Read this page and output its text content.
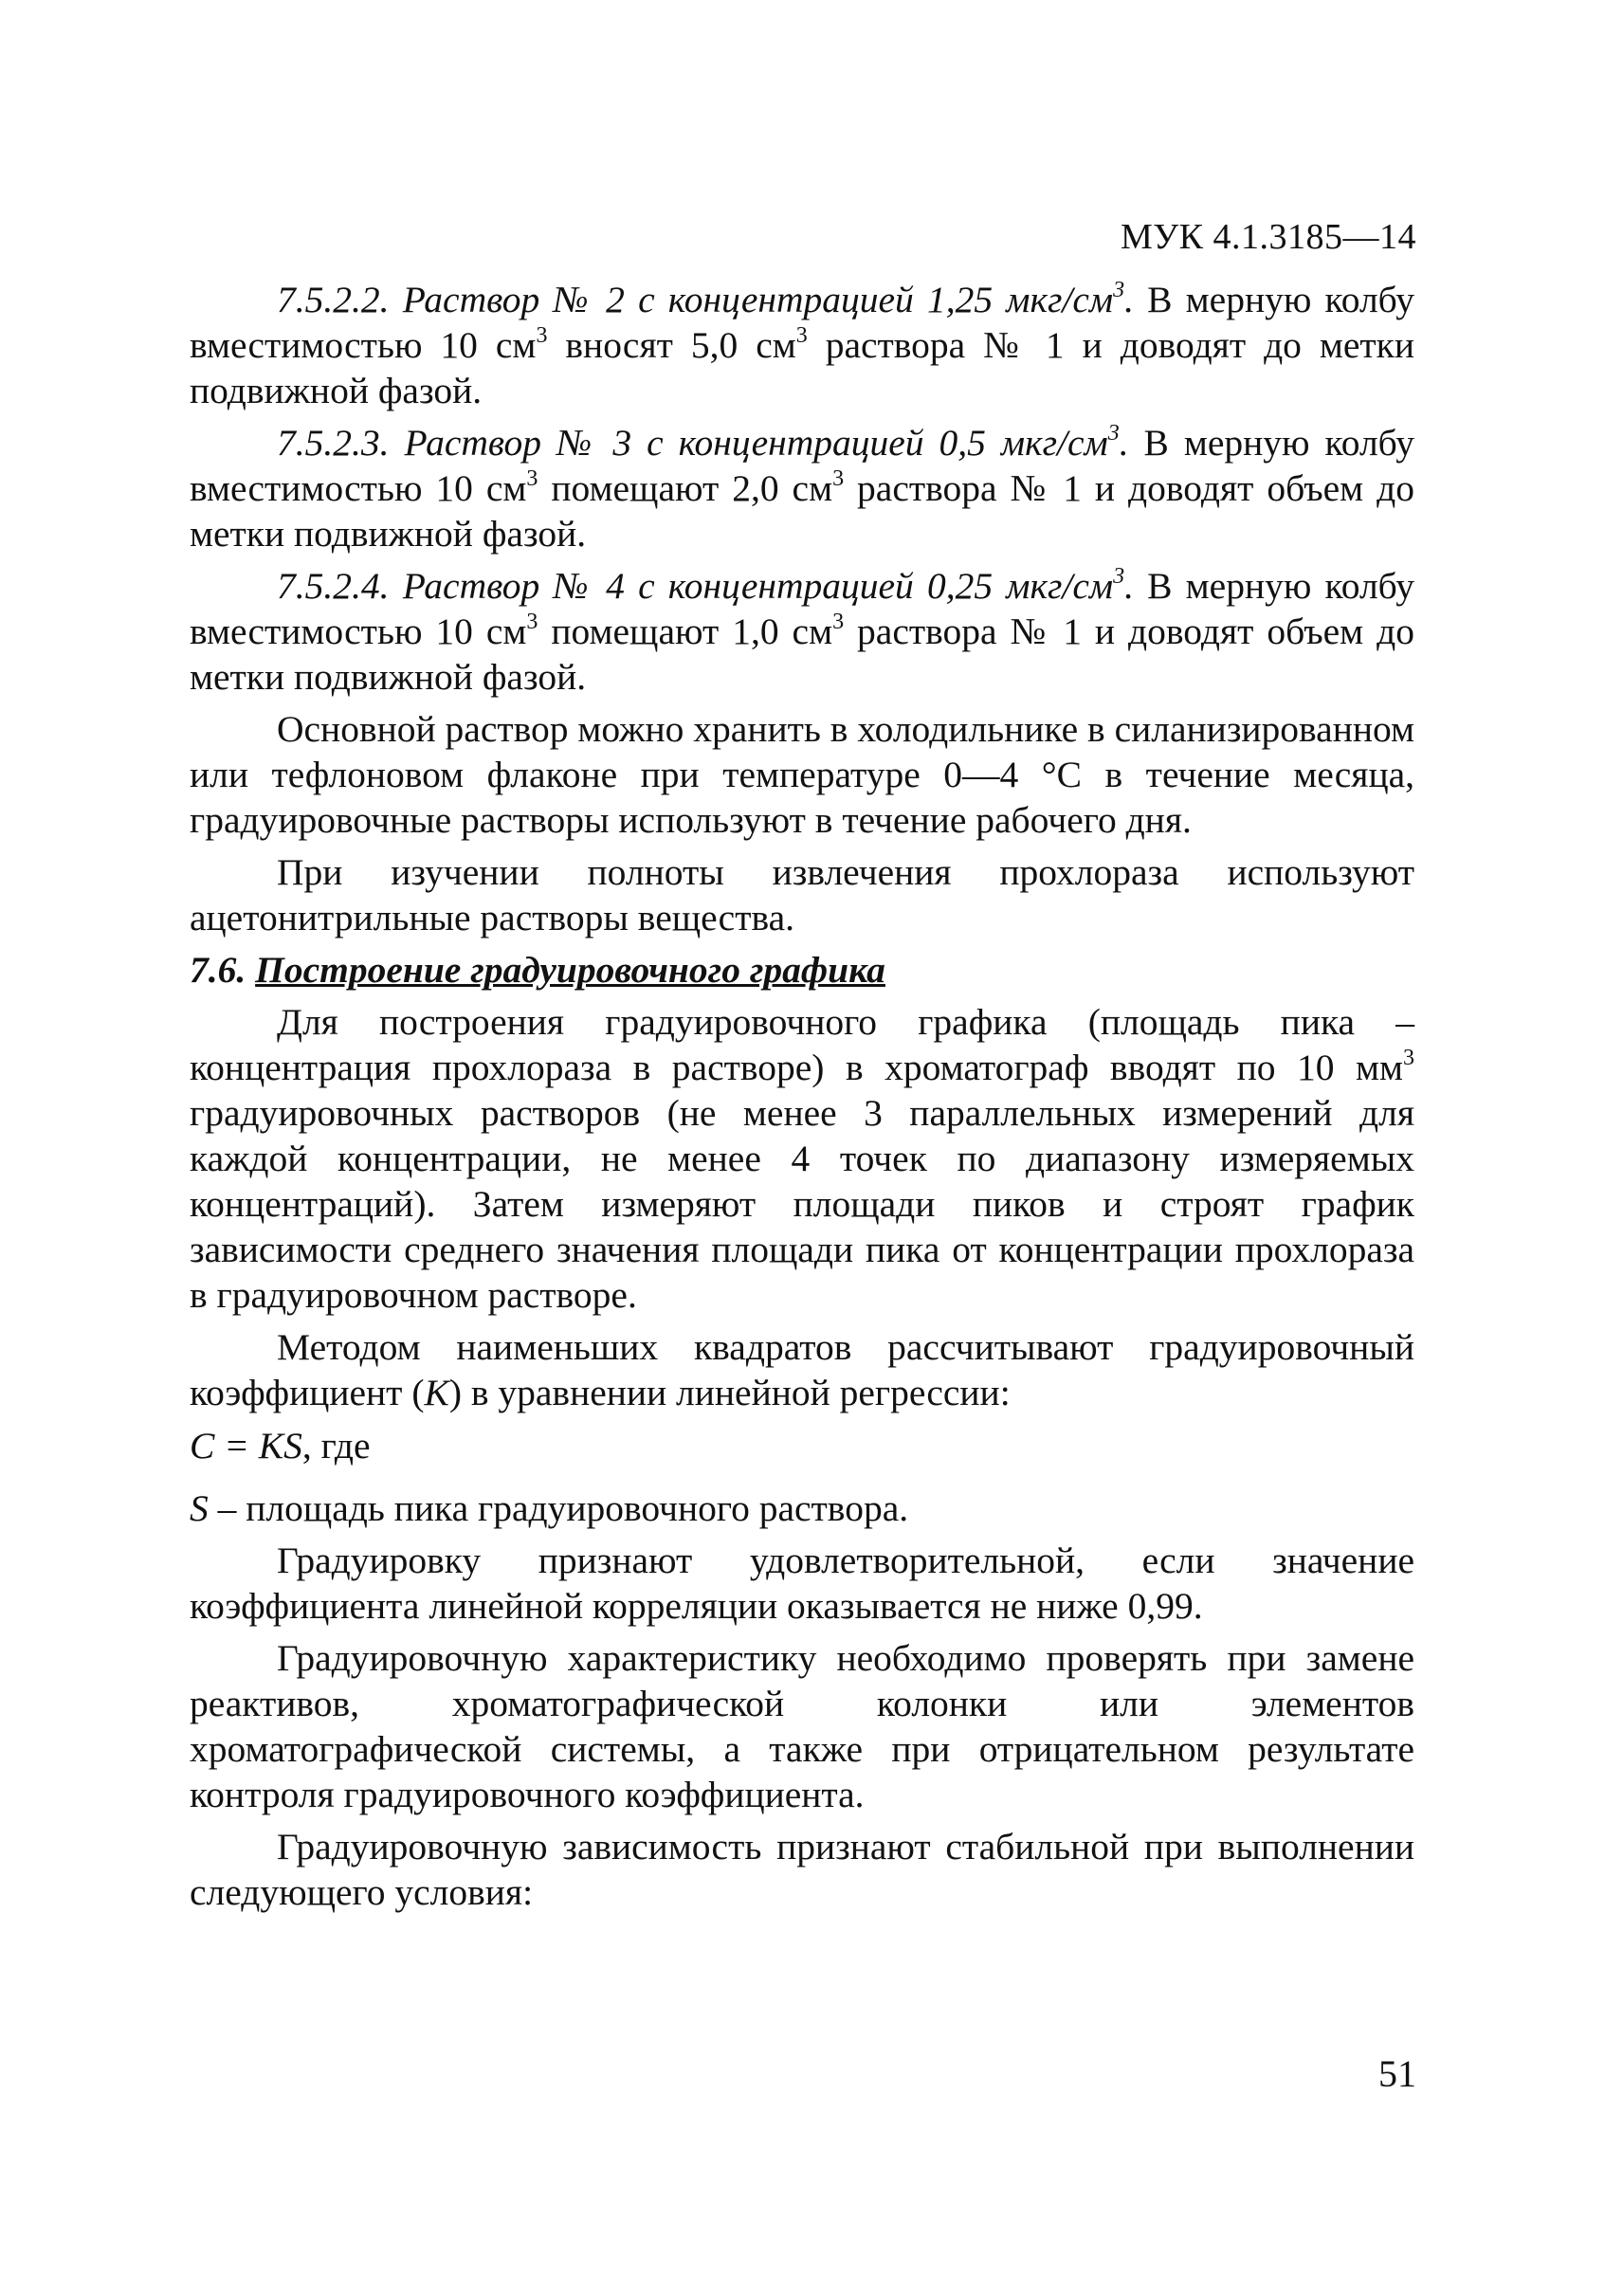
МУК 4.1.3185—14

7.5.2.2. Раствор № 2 с концентрацией 1,25 мкг/$см^3$. В мерную колбу вместимостью 10 $см^3$ вносят 5,0 $см^3$ раствора № 1 и доводят до метки подвижной фазой.

7.5.2.3. Раствор № 3 с концентрацией 0,5 мкг/$см^3$. В мерную колбу вместимостью 10 $см^3$ помещают 2,0 $см^3$ раствора № 1 и доводят объем до метки подвижной фазой.

7.5.2.4. Раствор № 4 с концентрацией 0,25 мкг/$см^3$. В мерную колбу вместимостью 10 $см^3$ помещают 1,0 $см^3$ раствора № 1 и доводят объем до метки подвижной фазой.

Основной раствор можно хранить в холодильнике в силанизированном или тефлоновом флаконе при температуре 0—4 °С в течение месяца, градуировочные растворы используют в течение рабочего дня.

При изучении полноты извлечения прохлораза используют ацетонитрильные растворы вещества.

7.6. Построение градуировочного графика

Для построения градуировочного графика (площадь пика – концентрация прохлораза в растворе) в хроматограф вводят по 10 $мм^3$ градуировочных растворов (не менее 3 параллельных измерений для каждой концентрации, не менее 4 точек по диапазону измеряемых концентраций). Затем измеряют площади пиков и строят график зависимости среднего значения площади пика от концентрации прохлораза в градуировочном растворе.

Методом наименьших квадратов рассчитывают градуировочный коэффициент (K) в уравнении линейной регрессии:

C = KS, где

S – площадь пика градуировочного раствора.

Градуировку признают удовлетворительной, если значение коэффициента линейной корреляции оказывается не ниже 0,99.

Градуировочную характеристику необходимо проверять при замене реактивов, хроматографической колонки или элементов хроматографической системы, а также при отрицательном результате контроля градуировочного коэффициента.

Градуировочную зависимость признают стабильной при выполнении следующего условия:

51
